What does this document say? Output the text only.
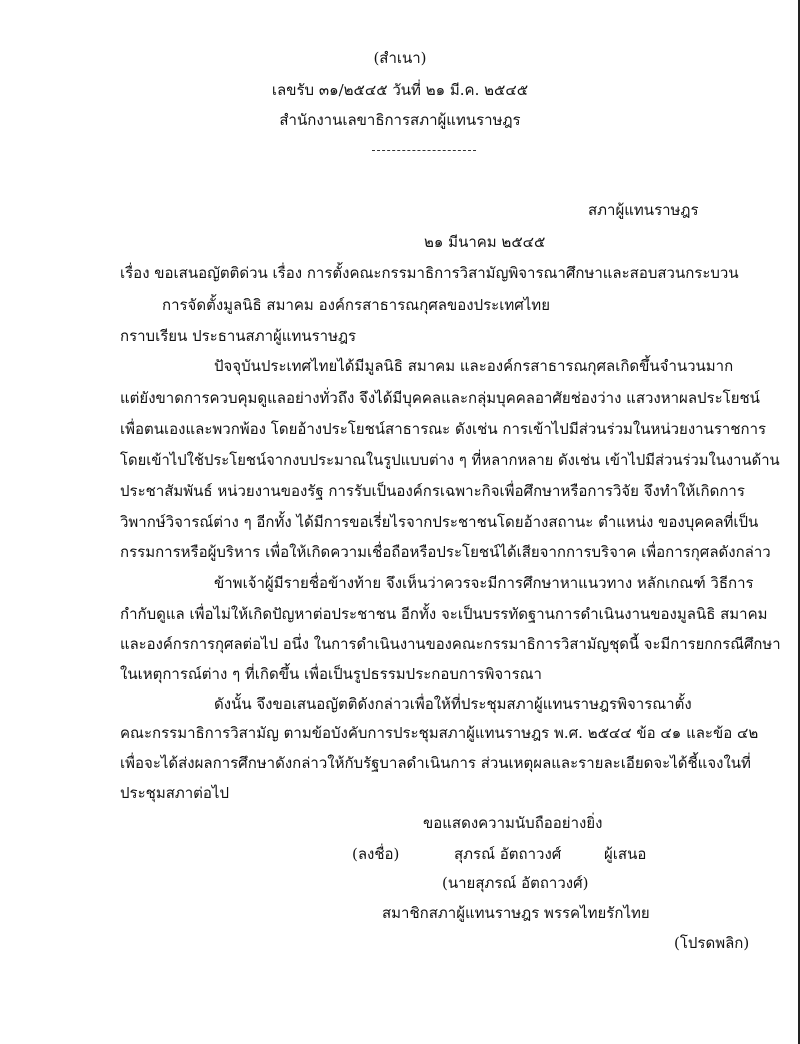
(สำเนา)
เลขรับ ๓๑/๒๕๔๕ วันที่ ๒๑ มี.ค. ๒๕๔๕
สำนักงานเลขาธิการสภาผู้แทนราษฎร
สภาผู้แทนราษฎร
๒๑ มีนาคม ๒๕๔๕
เรื่อง ขอเสนอญัตติด่วน เรื่อง การตั้งคณะกรรมาธิการวิสามัญพิจารณาศึกษาและสอบสวนกระบวน
การจัดตั้งมูลนิธิ สมาคม องค์กรสาธารณกุศลของประเทศไทย
กราบเรียน ประธานสภาผู้แทนราษฎร
ปัจจุบันประเทศไทยได้มีมูลนิธิ สมาคม และองค์กรสาธารณกุศลเกิดขึ้นจำนวนมาก
แต่ยังขาดการควบคุมดูแลอย่างทั่วถึง จึงได้มีบุคคลและกลุ่มบุคคลอาศัยช่องว่าง แสวงหาผลประโยชน์
เพื่อตนเองและพวกพ้อง โดยอ้างประโยชน์สาธารณะ ดังเช่น การเข้าไปมีส่วนร่วมในหน่วยงานราชการ
โดยเข้าไปใช้ประโยชน์จากงบประมาณในรูปแบบต่าง ๆ ที่หลากหลาย ดังเช่น เข้าไปมีส่วนร่วมในงานด้าน
ประชาสัมพันธ์ หน่วยงานของรัฐ การรับเป็นองค์กรเฉพาะกิจเพื่อศึกษาหรือการวิจัย จึงทำให้เกิดการ
วิพากษ์วิจารณ์ต่าง ๆ อีกทั้ง ได้มีการขอเรี่ยไรจากประชาชนโดยอ้างสถานะ ตำแหน่ง ของบุคคลที่เป็น
กรรมการหรือผู้บริหาร เพื่อให้เกิดความเชื่อถือหรือประโยชน์ได้เสียจากการบริจาค เพื่อการกุศลดังกล่าว
ข้าพเจ้าผู้มีรายชื่อข้างท้าย จึงเห็นว่าควรจะมีการศึกษาหาแนวทาง หลักเกณฑ์ วิธีการ
กำกับดูแล เพื่อไม่ให้เกิดปัญหาต่อประชาชน อีกทั้ง จะเป็นบรรทัดฐานการดำเนินงานของมูลนิธิ สมาคม
และองค์กรการกุศลต่อไป อนึ่ง ในการดำเนินงานของคณะกรรมาธิการวิสามัญชุดนี้ จะมีการยกกรณีศึกษา
ในเหตุการณ์ต่าง ๆ ที่เกิดขึ้น เพื่อเป็นรูปธรรมประกอบการพิจารณา
ดังนั้น จึงขอเสนอญัตติดังกล่าวเพื่อให้ที่ประชุมสภาผู้แทนราษฎรพิจารณาตั้ง
คณะกรรมาธิการวิสามัญ ตามข้อบังคับการประชุมสภาผู้แทนราษฎร พ.ศ. ๒๕๔๔ ข้อ ๔๑ และข้อ ๔๒
เพื่อจะได้ส่งผลการศึกษาดังกล่าวให้กับรัฐบาลดำเนินการ ส่วนเหตุผลและรายละเอียดจะได้ชี้แจงในที่
ประชุมสภาต่อไป
ขอแสดงความนับถืออย่างยิ่ง
(ลงชื่อ)	สุภรณ์ อัตถาวงศ์	ผู้เสนอ
(นายสุภรณ์ อัตถาวงศ์)
สมาชิกสภาผู้แทนราษฎร พรรคไทยรักไทย
(โปรดพลิก)
